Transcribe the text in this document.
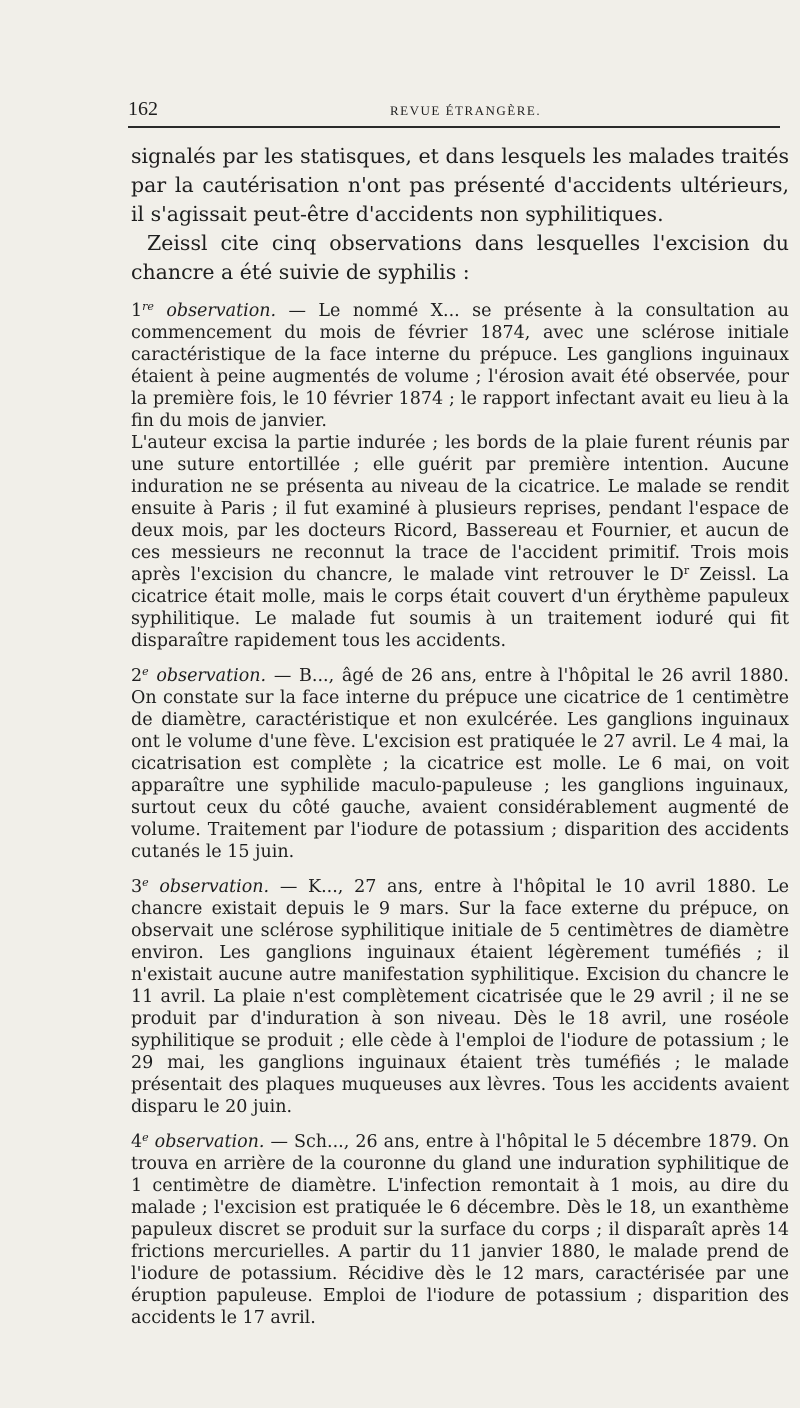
162	REVUE ÉTRANGÈRE.

signalés par les statisques, et dans lesquels les malades traités par la cautérisation n'ont pas présenté d'accidents ultérieurs, il s'agissait peut-être d'accidents non syphilitiques.

Zeissl cite cinq observations dans lesquelles l'excision du chancre a été suivie de syphilis :

1re observation. — Le nommé X... se présente à la consultation au commencement du mois de février 1874, avec une sclérose initiale caractéristique de la face interne du prépuce. Les ganglions inguinaux étaient à peine augmentés de volume ; l'érosion avait été observée, pour la première fois, le 10 février 1874 ; le rapport infectant avait eu lieu à la fin du mois de janvier.

L'auteur excisa la partie indurée ; les bords de la plaie furent réunis par une suture entortillée ; elle guérit par première intention. Aucune induration ne se présenta au niveau de la cicatrice. Le malade se rendit ensuite à Paris ; il fut examiné à plusieurs reprises, pendant l'espace de deux mois, par les docteurs Ricord, Bassereau et Fournier, et aucun de ces messieurs ne reconnut la trace de l'accident primitif. Trois mois après l'excision du chancre, le malade vint retrouver le $D^r$ Zeissl. La cicatrice était molle, mais le corps était couvert d'un érythème papuleux syphilitique. Le malade fut soumis à un traitement ioduré qui fit disparaître rapidement tous les accidents.

2e observation. — B..., âgé de 26 ans, entre à l'hôpital le 26 avril 1880. On constate sur la face interne du prépuce une cicatrice de 1 centimètre de diamètre, caractéristique et non exulcérée. Les ganglions inguinaux ont le volume d'une fève. L'excision est pratiquée le 27 avril. Le 4 mai, la cicatrisation est complète ; la cicatrice est molle. Le 6 mai, on voit apparaître une syphilide maculo-papuleuse ; les ganglions inguinaux, surtout ceux du côté gauche, avaient considérablement augmenté de volume. Traitement par l'iodure de potassium ; disparition des accidents cutanés le 15 juin.

3e observation. — K..., 27 ans, entre à l'hôpital le 10 avril 1880. Le chancre existait depuis le 9 mars. Sur la face externe du prépuce, on observait une sclérose syphilitique initiale de 5 centimètres de diamètre environ. Les ganglions inguinaux étaient légèrement tuméfiés ; il n'existait aucune autre manifestation syphilitique. Excision du chancre le 11 avril. La plaie n'est complètement cicatrisée que le 29 avril ; il ne se produit par d'induration à son niveau. Dès le 18 avril, une roséole syphilitique se produit ; elle cède à l'emploi de l'iodure de potassium ; le 29 mai, les ganglions inguinaux étaient très tuméfiés ; le malade présentait des plaques muqueuses aux lèvres. Tous les accidents avaient disparu le 20 juin.

4e observation. — Sch..., 26 ans, entre à l'hôpital le 5 décembre 1879. On trouva en arrière de la couronne du gland une induration syphilitique de 1 centimètre de diamètre. L'infection remontait à 1 mois, au dire du malade ; l'excision est pratiquée le 6 décembre. Dès le 18, un exanthème papuleux discret se produit sur la surface du corps ; il disparaît après 14 frictions mercurielles. A partir du 11 janvier 1880, le malade prend de l'iodure de potassium. Récidive dès le 12 mars, caractérisée par une éruption papuleuse. Emploi de l'iodure de potassium ; disparition des accidents le 17 avril.
